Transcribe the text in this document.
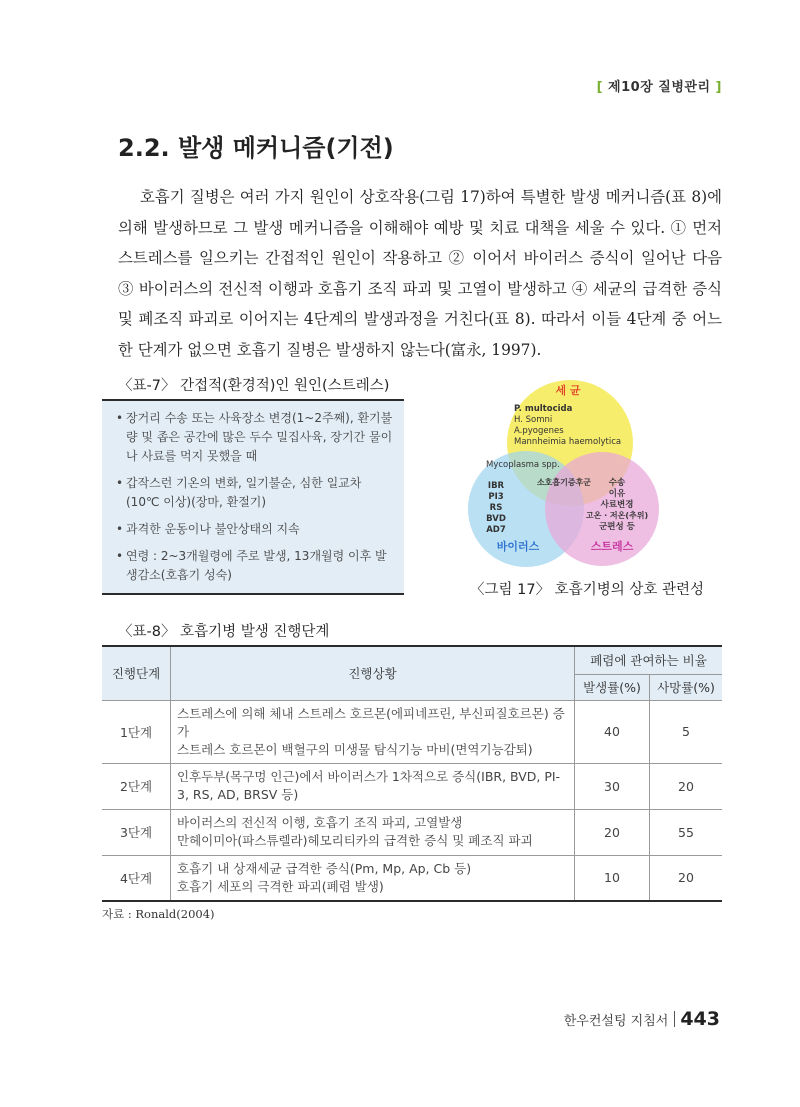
[ 제10장 질병관리 ]
2.2. 발생 메커니즘(기전)

호흡기 질병은 여러 가지 원인이 상호작용(그림 17)하여 특별한 발생 메커니즘(표 8)에 의해 발생하므로 그 발생 메커니즘을 이해해야 예방 및 치료 대책을 세울 수 있다. ① 먼저 스트레스를 일으키는 간접적인 원인이 작용하고 ② 이어서 바이러스 증식이 일어난 다음 ③ 바이러스의 전신적 이행과 호흡기 조직 파괴 및 고열이 발생하고 ④ 세균의 급격한 증식 및 폐조직 파괴로 이어지는 4단계의 발생과정을 거친다(표 8). 따라서 이들 4단계 중 어느 한 단계가 없으면 호흡기 질병은 발생하지 않는다(富永, 1997).

〈표-7〉 간접적(환경적)인 원인(스트레스)
• 장거리 수송 또는 사육장소 변경(1~2주째), 환기불량 및 좁은 공간에 많은 두수 밀집사육, 장기간 물이나 사료를 먹지 못했을 때
• 갑작스런 기온의 변화, 일기불순, 심한 일교차(10℃ 이상)(장마, 환절기)
• 과격한 운동이나 불안상태의 지속
• 연령 : 2~3개월령에 주로 발생, 13개월령 이후 발생감소(호흡기 성숙)
세 균
P. multocida
H. Somni
A.pyogenes
Mannheimia haemolytica
Mycoplasma spp.
소호흡기증후군
IBR
PI3
RS
BVD
AD7
바이러스
수송
이유
사료변경
고온 · 저온(추위)
군편성 등
스트레스
〈그림 17〉 호흡기병의 상호 관련성
〈표-8〉 호흡기병 발생 진행단계
진행단계	진행상황	폐렴에 관여하는 비율	
		발생률(%)	사망률(%)
1단계	스트레스에 의해 체내 스트레스 호르몬(에피네프린, 부신피질호르몬) 증가
스트레스 호르몬이 백혈구의 미생물 탐식기능 마비(면역기능감퇴)	40	5
2단계	인후두부(목구멍 인근)에서 바이러스가 1차적으로 증식(IBR, BVD, PI-3, RS, AD, BRSV 등)	30	20
3단계	바이러스의 전신적 이행, 호흡기 조직 파괴, 고열발생
만헤이미아(파스튜렐라)헤모리티카의 급격한 증식 및 폐조직 파괴	20	55
4단계	호흡기 내 상재세균 급격한 증식(Pm, Mp, Ap, Cb 등)
호흡기 세포의 극격한 파괴(폐렴 발생)	10	20
자료 : Ronald(2004)
한우컨설팅 지침서 443
